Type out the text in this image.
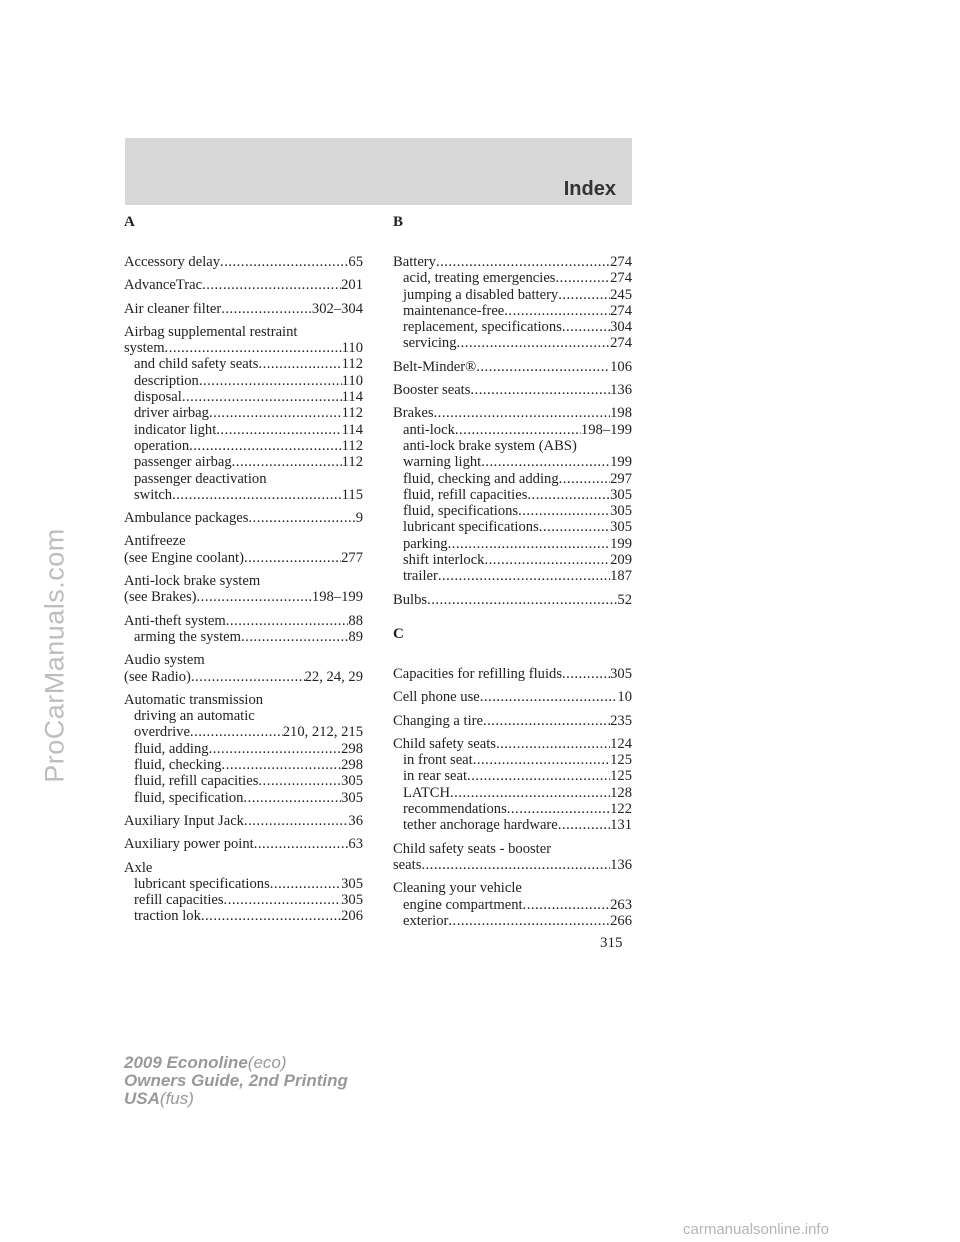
Index
A
Accessory delay .....	65
AdvanceTrac .....	201
Air cleaner filter .....	302–304
Airbag supplemental restraint
system .....	110
and child safety seats .....	112
description .....	110
disposal .....	114
driver airbag .....	112
indicator light .....	114
operation .....	112
passenger airbag .....	112
passenger deactivation
switch .....	115
Ambulance packages .....	9
Antifreeze
(see Engine coolant) .....	277
Anti-lock brake system
(see Brakes) .....	198–199
Anti-theft system .....	88
arming the system .....	89
Audio system
(see Radio) .....	22, 24, 29
Automatic transmission
driving an automatic
overdrive .....	210, 212, 215
fluid, adding .....	298
fluid, checking .....	298
fluid, refill capacities .....	305
fluid, specification .....	305
Auxiliary Input Jack .....	36
Auxiliary power point .....	63
Axle
lubricant specifications .....	305
refill capacities .....	305
traction lok .....	206
B
Battery .....	274
acid, treating emergencies .....	274
jumping a disabled battery .....	245
maintenance-free .....	274
replacement, specifications .....	304
servicing .....	274
Belt-Minder® .....	106
Booster seats .....	136
Brakes .....	198
anti-lock .....	198–199
anti-lock brake system (ABS)
warning light .....	199
fluid, checking and adding .....	297
fluid, refill capacities .....	305
fluid, specifications .....	305
lubricant specifications .....	305
parking .....	199
shift interlock .....	209
trailer .....	187
Bulbs .....	52
C
Capacities for refilling fluids .....	305
Cell phone use .....	10
Changing a tire .....	235
Child safety seats .....	124
in front seat .....	125
in rear seat .....	125
LATCH .....	128
recommendations .....	122
tether anchorage hardware .....	131
Child safety seats - booster
seats .....	136
Cleaning your vehicle
engine compartment .....	263
exterior .....	266
315
2009 Econoline(eco)
Owners Guide, 2nd Printing
USA(fus)
ProCarManuals.com
carmanualsonline.info
